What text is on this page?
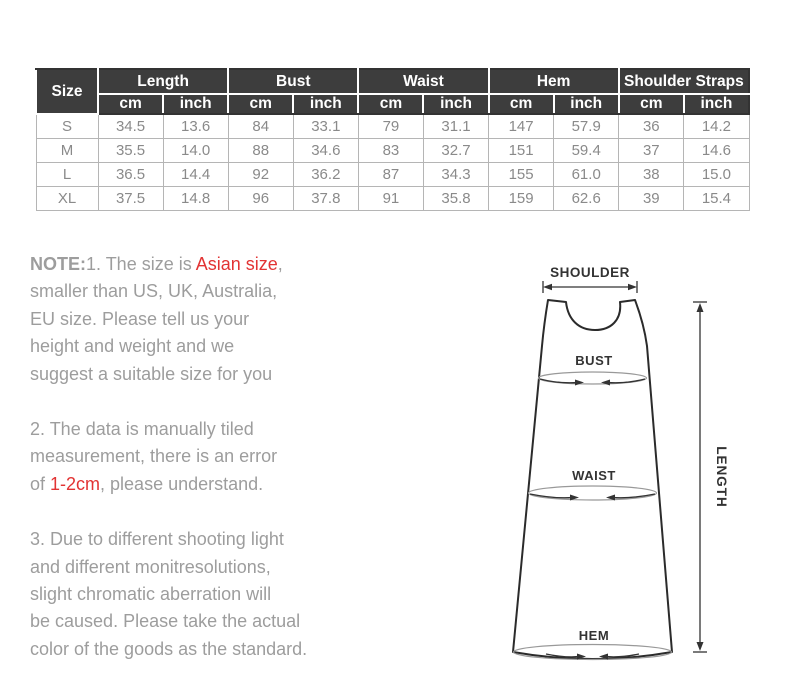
Size	Length		Bust		Waist		Hem		Shoulder Straps	
	cm	inch	cm	inch	cm	inch	cm	inch	cm	inch
S	34.5	13.6	84	33.1	79	31.1	147	57.9	36	14.2
M	35.5	14.0	88	34.6	83	32.7	151	59.4	37	14.6
L	36.5	14.4	92	36.2	87	34.3	155	61.0	38	15.0
XL	37.5	14.8	96	37.8	91	35.8	159	62.6	39	15.4

NOTE:1. The size is Asian size,
smaller than US, UK, Australia,
EU size. Please tell us your
height and weight and we
suggest a suitable size for you

2. The data is manually tiled
measurement, there is an error
of 1-2cm, please understand.

3. Due to different shooting light
and different monitresolutions,
slight chromatic aberration will
be caused. Please take the actual
color of the goods as the standard.

SHOULDER
BUST
WAIST
HEM
LENGTH
